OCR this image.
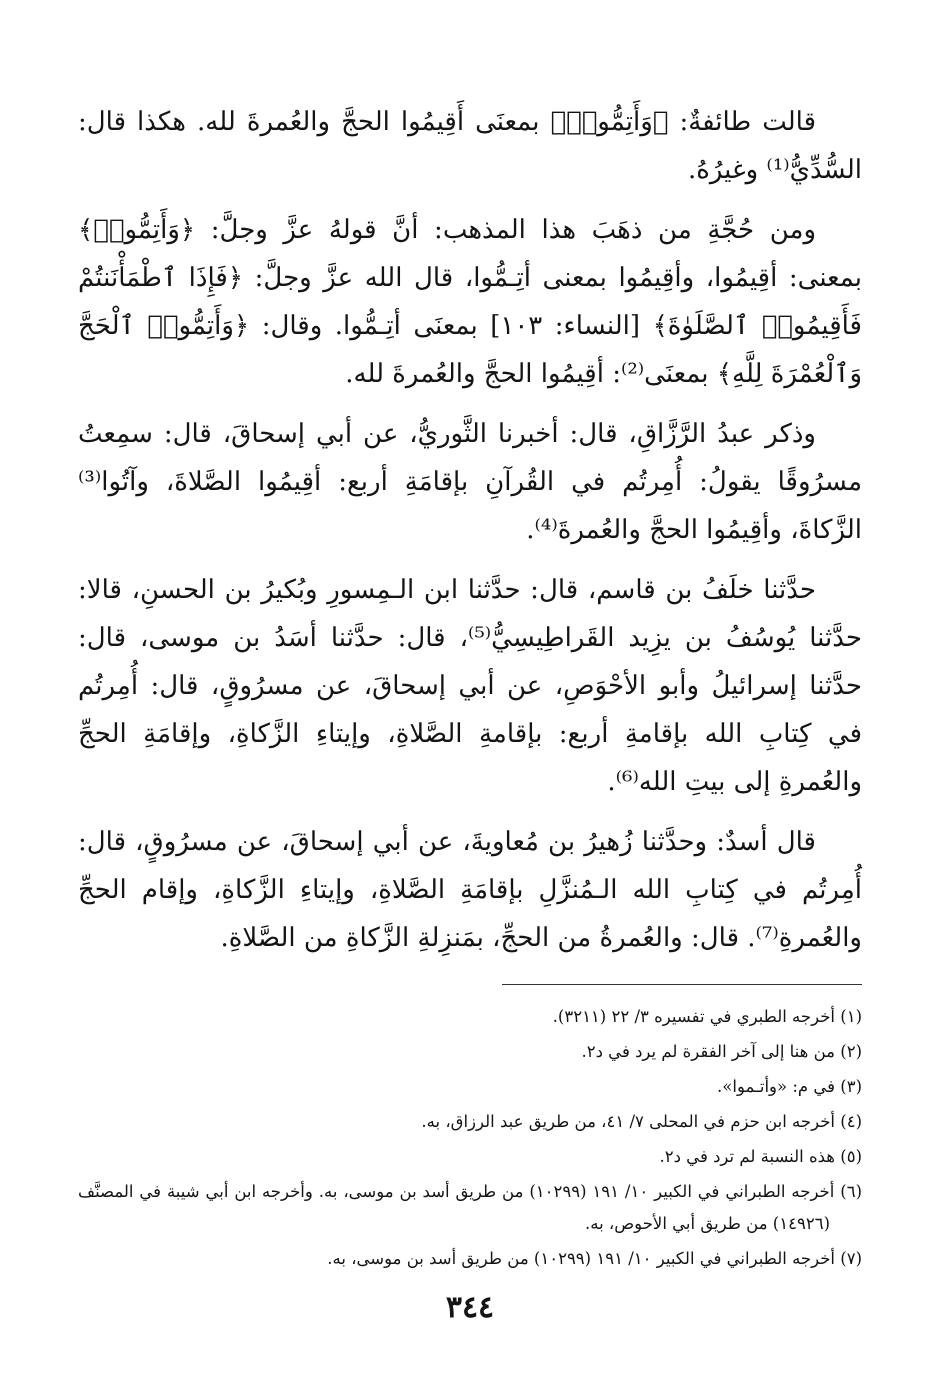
قالت طائفةٌ: ﴿وَأَتِمُّوا۟﴾ بمعنَى أَقِيمُوا الحجَّ والعُمرةَ لله. هكذا قال: السُّدِّيُّ⁽¹⁾ وغيرُهُ.

ومن حُجَّةِ من ذهَبَ هذا المذهب: أنَّ قولهُ عزَّ وجلَّ: ﴿وَأَتِمُّوا۟﴾ بمعنى: أقِيمُوا، وأقِيمُوا بمعنى أتِـمُّوا، قال الله عزَّ وجلَّ: ﴿فَإِذَا ٱطْمَأْنَنتُمْ فَأَقِيمُوا۟ ٱلصَّلَوٰةَ﴾ [النساء: ١٠٣] بمعنَى أتِـمُّوا. وقال: ﴿وَأَتِمُّوا۟ ٱلْحَجَّ وَٱلْعُمْرَةَ لِلَّهِ﴾ بمعنَى⁽²⁾: أقِيمُوا الحجَّ والعُمرةَ لله.

وذكر عبدُ الرَّزَّاقِ، قال: أخبرنا الثَّوريُّ، عن أبي إسحاقَ، قال: سمِعتُ مسرُوقًا يقولُ: أُمِرتُم في القُرآنِ بإقامَةِ أربع: أقِيمُوا الصَّلاةَ، وآتُوا⁽³⁾ الزَّكاةَ، وأقِيمُوا الحجَّ والعُمرةَ⁽⁴⁾.

حدَّثنا خلَفُ بن قاسم، قال: حدَّثنا ابن الـمِسورِ وبُكيرُ بن الحسنِ، قالا: حدَّثنا يُوسُفُ بن يزِيد القَراطِيسِيُّ⁽⁵⁾، قال: حدَّثنا أسَدُ بن موسى، قال: حدَّثنا إسرائيلُ وأبو الأحْوَصِ، عن أبي إسحاقَ، عن مسرُوقٍ، قال: أُمِرتُم في كِتابِ الله بإقامةِ أربع: بإقامةِ الصَّلاةِ، وإيتاءِ الزَّكاةِ، وإقامَةِ الحجِّ والعُمرةِ إلى بيتِ الله⁽⁶⁾.

قال أسدٌ: وحدَّثنا زُهيرُ بن مُعاويةَ، عن أبي إسحاقَ، عن مسرُوقٍ، قال: أُمِرتُم في كِتابِ الله الـمُنزَّلِ بإقامَةِ الصَّلاةِ، وإيتاءِ الزَّكاةِ، وإقام الحجِّ والعُمرةِ⁽⁷⁾. قال: والعُمرةُ من الحجِّ، بمَنزِلةِ الزَّكاةِ من الصَّلاةِ.

(١) أخرجه الطبري في تفسيره ٣/ ٢٢ (٣٢١١).
(٢) من هنا إلى آخر الفقرة لم يرد في د٢.
(٣) في م: «وأتـموا».
(٤) أخرجه ابن حزم في المحلى ٧/ ٤١، من طريق عبد الرزاق، به.
(٥) هذه النسبة لم ترد في د٢.
(٦) أخرجه الطبراني في الكبير ١٠/ ١٩١ (١٠٢٩٩) من طريق أسد بن موسى، به. وأخرجه ابن أبي شيبة في المصنَّف (١٤٩٢٦) من طريق أبي الأحوص، به.
(٧) أخرجه الطبراني في الكبير ١٠/ ١٩١ (١٠٢٩٩) من طريق أسد بن موسى، به.
٣٤٤
